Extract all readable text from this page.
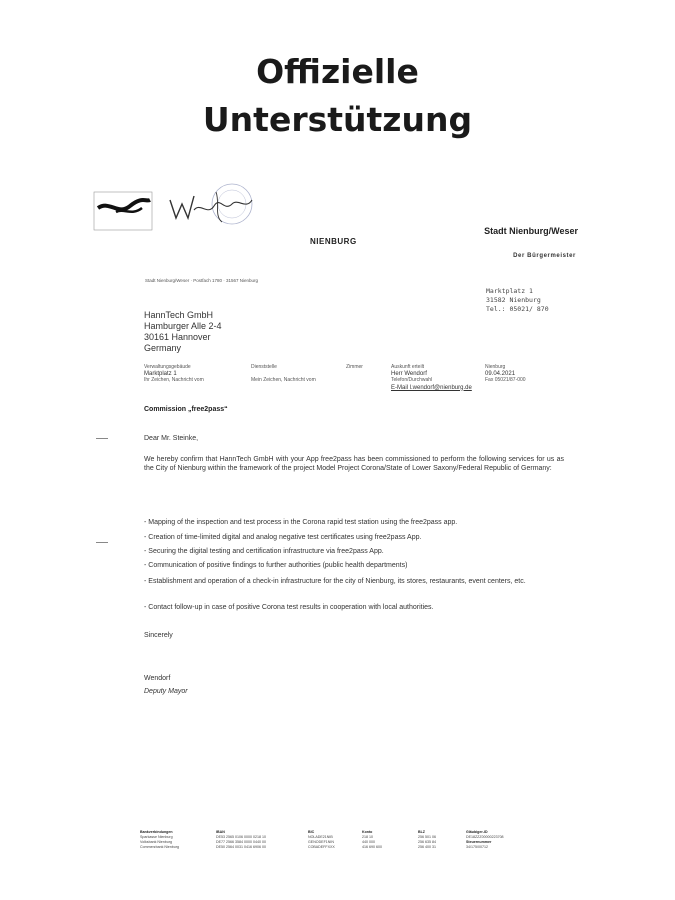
Offizielle
Unterstützung

NIENBURG
Stadt Nienburg/Weser
Der Bürgermeister
Stadt Nienburg/Weser · Postfach 1780 · 31567 Nienburg
Marktplatz 1
31582 Nienburg
Tel.: 05021/ 870
HannTech GmbH
Hamburger Alle 2-4
30161 Hannover
Germany
Verwaltungsgebäude
Marktplatz 1
Ihr Zeichen, Nachricht vom
Dienststelle
Mein Zeichen, Nachricht vom
Zimmer	Auskunft erteilt
Herr Wendorf
Telefon/Durchwahl
E-Mail l.wendorf@nienburg.de
Nienburg
09.04.2021
Fax 05021/87-000
Commission „free2pass“
Dear Mr. Steinke,
We hereby confirm that HannTech GmbH with your App free2pass has been commissioned to perform the following services for us as the City of Nienburg within the framework of the project Model Project Corona/State of Lower Saxony/Federal Republic of Germany:
- Mapping of the inspection and test process in the Corona rapid test station using the free2pass app.
- Creation of time-limited digital and analog negative test certificates using free2pass App.
- Securing the digital testing and certification infrastructure via free2pass App.
- Communication of positive findings to further authorities (public health departments)
- Establishment and operation of a check-in infrastructure for the city of Nienburg, its stores, restaurants, event centers, etc.
- Contact follow-up in case of positive Corona test results in cooperation with local authorities.
Sincerely
Wendorf
Deputy Mayor
Bankverbindungen
Sparkasse Nienburg
Volksbank Nienburg
Commerzbank Nienburg
IBAN
DE53 2565 0106 0000 0218 10
DE77 2566 3584 0000 0440 00
DE50 2564 0031 0416 6906 00
BIC
NOLADE21NIB
GENODEF1NIN
COBADEFFXXX
Konto
218 10
440 000
416 690 600
BLZ
256 501 06
256 635 84
256 400 31
Gläubiger-ID
DE18ZZZ00000223708
Steuernummer
34/175/00712
